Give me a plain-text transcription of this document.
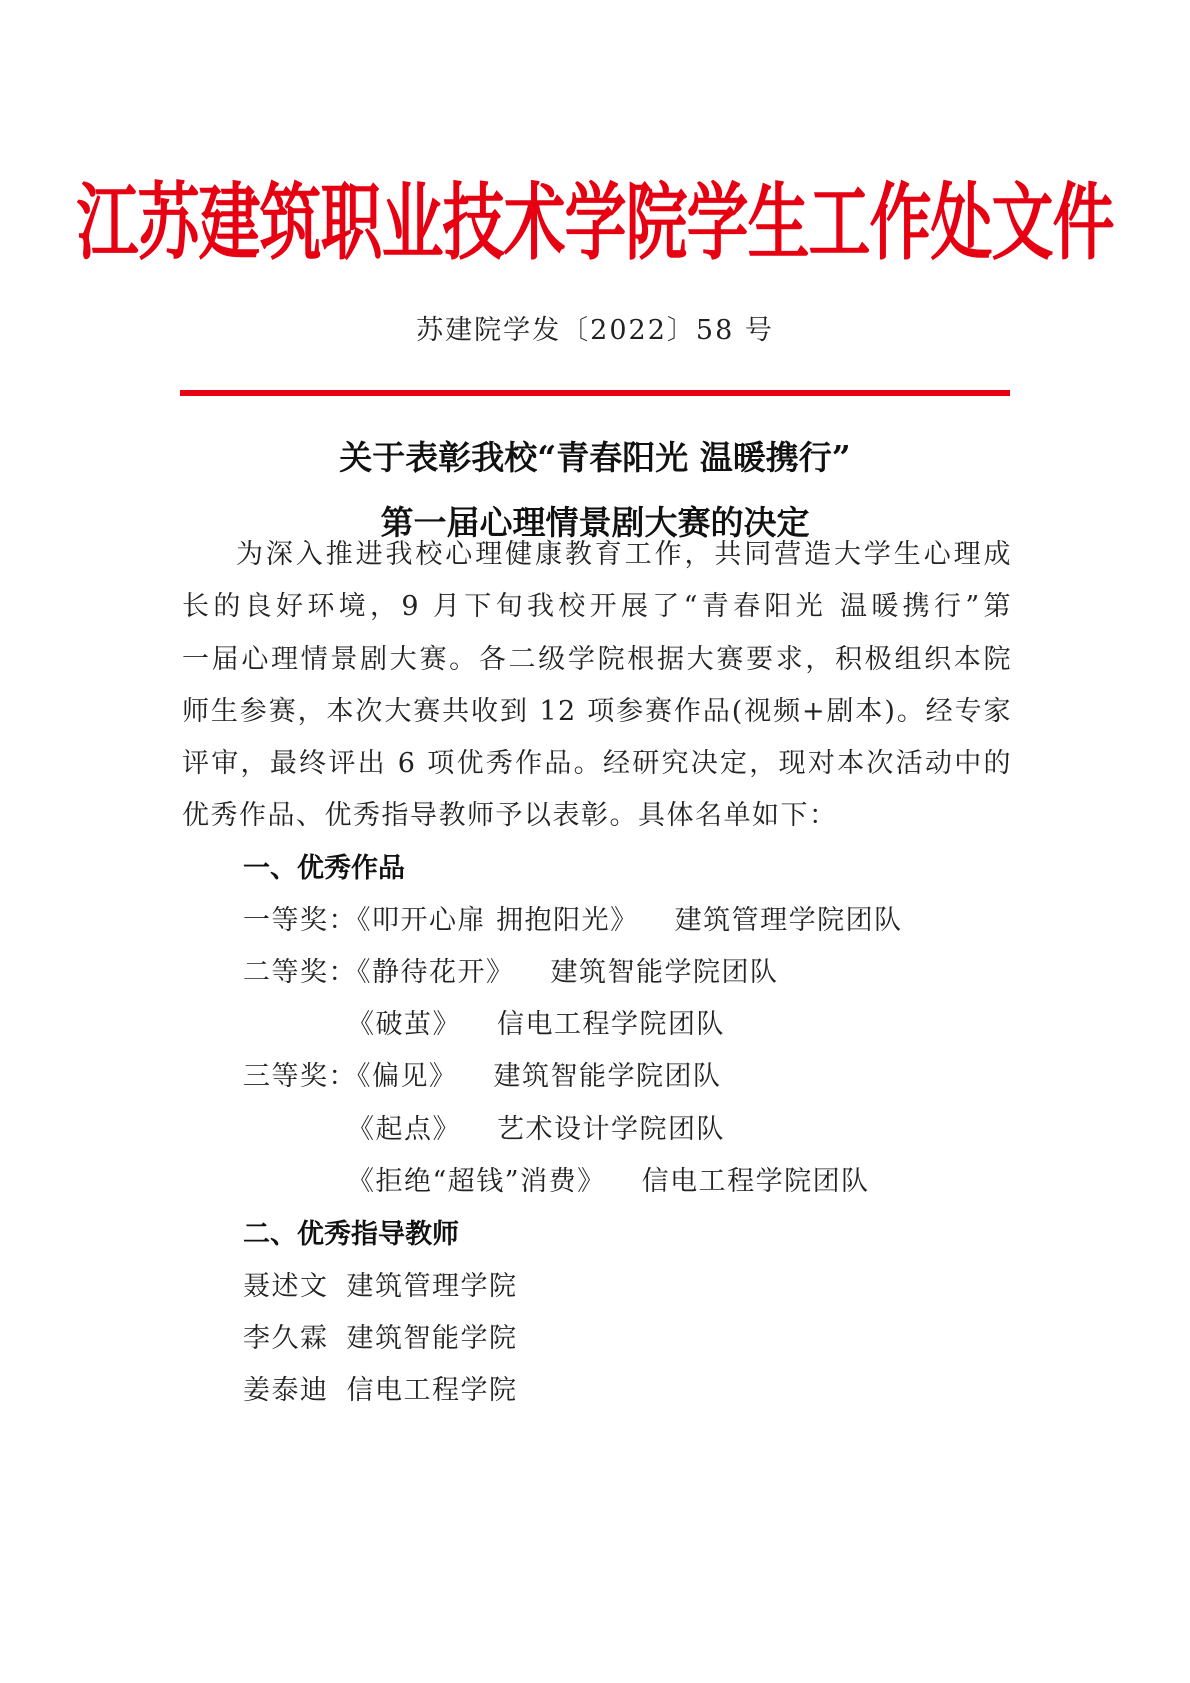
江苏建筑职业技术学院学生工作处文件
苏建院学发〔2022〕58 号
关于表彰我校“青春阳光 温暖携行”
第一届心理情景剧大赛的决定
为深入推进我校心理健康教育工作，共同营造大学生心理成
长的良好环境，9 月下旬我校开展了“青春阳光 温暖携行”第
一届心理情景剧大赛。各二级学院根据大赛要求，积极组织本院
师生参赛，本次大赛共收到 12 项参赛作品(视频+剧本)。经专家
评审，最终评出 6 项优秀作品。经研究决定，现对本次活动中的
优秀作品、优秀指导教师予以表彰。具体名单如下：
一、优秀作品
一等奖：《叩开心扉 拥抱阳光》 建筑管理学院团队
二等奖：《静待花开》 建筑智能学院团队
《破茧》 信电工程学院团队
三等奖：《偏见》 建筑智能学院团队
《起点》 艺术设计学院团队
《拒绝“超钱”消费》 信电工程学院团队
二、优秀指导教师
聂述文 建筑管理学院
李久霖 建筑智能学院
姜泰迪 信电工程学院
